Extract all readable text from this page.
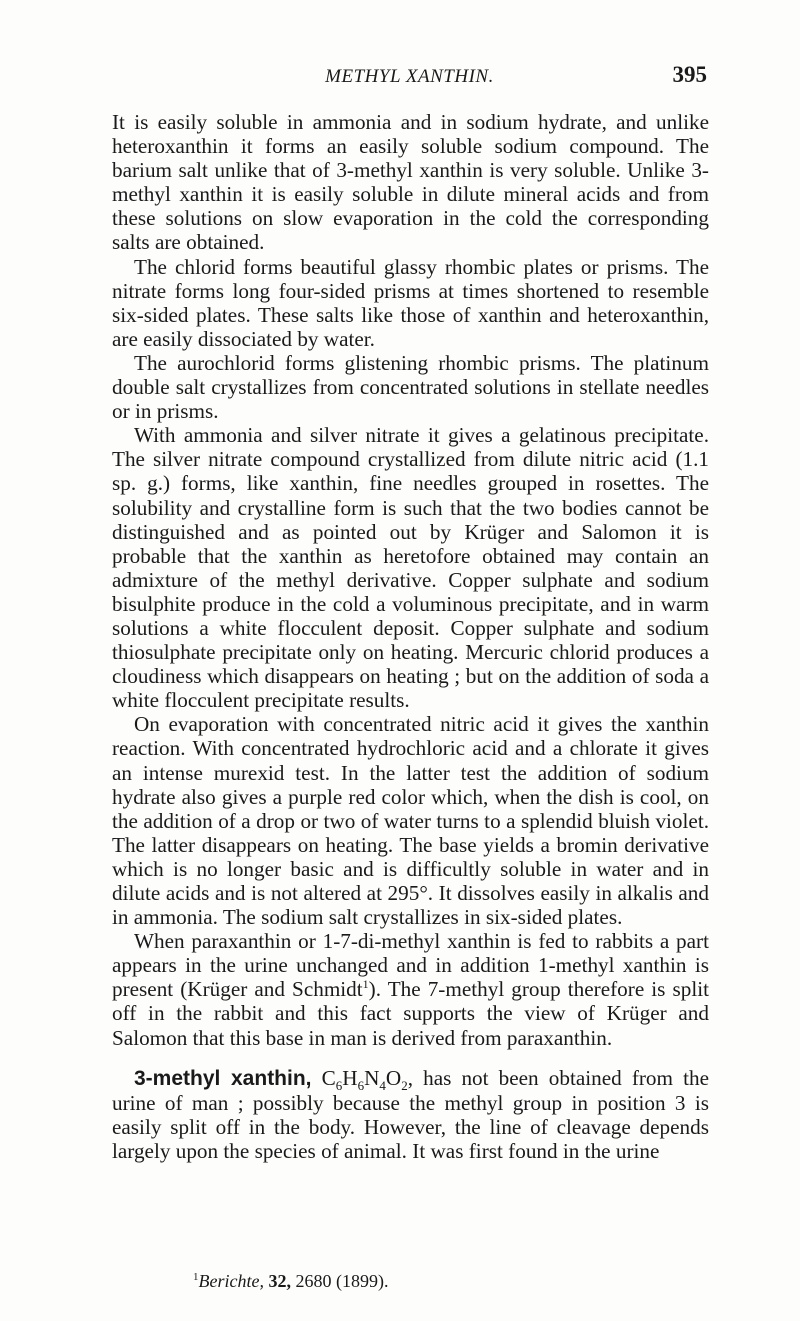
METHYL XANTHIN.	395

It is easily soluble in ammonia and in sodium hydrate, and unlike heteroxanthin it forms an easily soluble sodium compound. The barium salt unlike that of 3-methyl xanthin is very soluble. Unlike 3-methyl xanthin it is easily soluble in dilute mineral acids and from these solutions on slow evaporation in the cold the corresponding salts are obtained.

The chlorid forms beautiful glassy rhombic plates or prisms. The nitrate forms long four-sided prisms at times shortened to resemble six-sided plates. These salts like those of xanthin and heteroxanthin, are easily dissociated by water.

The aurochlorid forms glistening rhombic prisms. The platinum double salt crystallizes from concentrated solutions in stellate needles or in prisms.

With ammonia and silver nitrate it gives a gelatinous precipitate. The silver nitrate compound crystallized from dilute nitric acid (1.1 sp. g.) forms, like xanthin, fine needles grouped in rosettes. The solubility and crystalline form is such that the two bodies cannot be distinguished and as pointed out by Krüger and Salomon it is probable that the xanthin as heretofore obtained may contain an admixture of the methyl derivative. Copper sulphate and sodium bisulphite produce in the cold a voluminous precipitate, and in warm solutions a white flocculent deposit. Copper sulphate and sodium thiosulphate precipitate only on heating. Mercuric chlorid produces a cloudiness which disappears on heating ; but on the addition of soda a white flocculent precipitate results.

On evaporation with concentrated nitric acid it gives the xanthin reaction. With concentrated hydrochloric acid and a chlorate it gives an intense murexid test. In the latter test the addition of sodium hydrate also gives a purple red color which, when the dish is cool, on the addition of a drop or two of water turns to a splendid bluish violet. The latter disappears on heating. The base yields a bromin derivative which is no longer basic and is difficultly soluble in water and in dilute acids and is not altered at 295°. It dissolves easily in alkalis and in ammonia. The sodium salt crystallizes in six-sided plates.

When paraxanthin or 1-7-di-methyl xanthin is fed to rabbits a part appears in the urine unchanged and in addition 1-methyl xanthin is present (Krüger and Schmidt$^1$). The 7-methyl group therefore is split off in the rabbit and this fact supports the view of Krüger and Salomon that this base in man is derived from paraxanthin.

3-methyl xanthin, $C_6H_6N_4O_2$, has not been obtained from the urine of man ; possibly because the methyl group in position 3 is easily split off in the body. However, the line of cleavage depends largely upon the species of animal. It was first found in the urine

$^1$Berichte, 32, 2680 (1899).
